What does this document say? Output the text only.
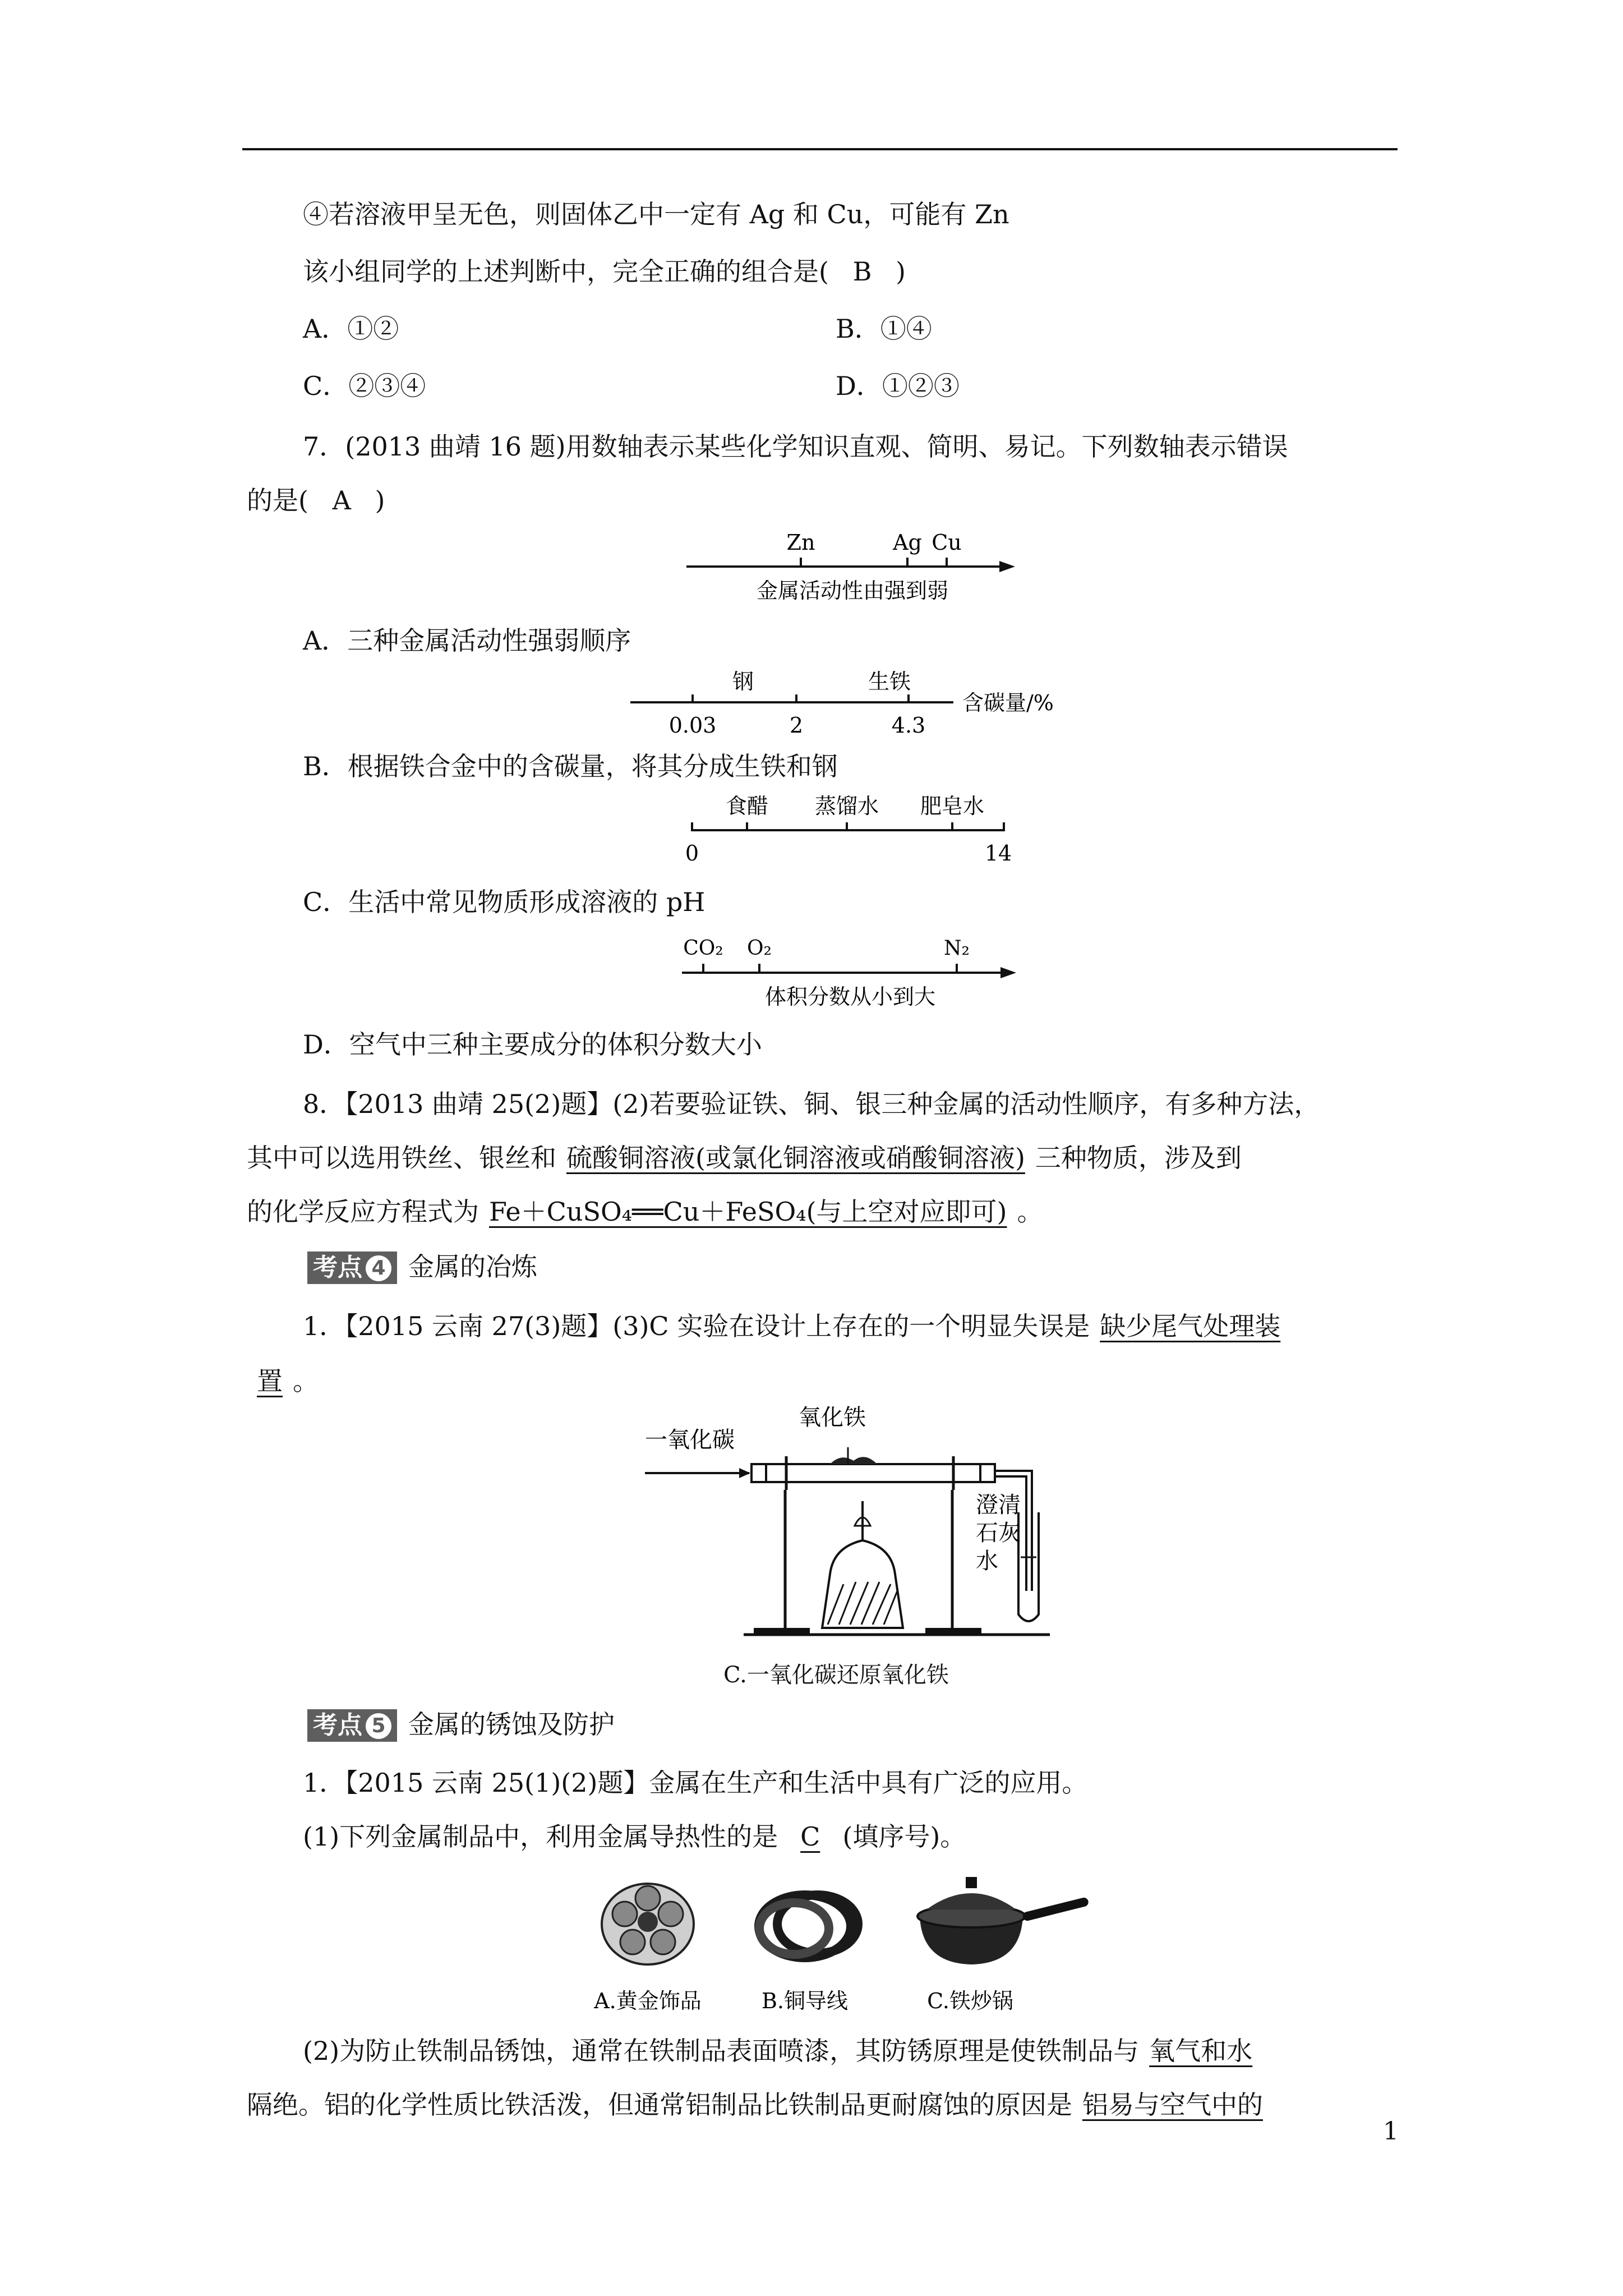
④若溶液甲呈无色，则固体乙中一定有 Ag 和 Cu，可能有 Zn
该小组同学的上述判断中，完全正确的组合是( B )
A．①②	B．①④
C．②③④	D．①②③
7．(2013 曲靖 16 题)用数轴表示某些化学知识直观、简明、易记。下列数轴表示错误
的是( A )
Zn	Ag Cu
金属活动性由强到弱
A．三种金属活动性强弱顺序
钢	生铁
0.03	2	4.3
含碳量/%
B．根据铁合金中的含碳量，将其分成生铁和钢
食醋 蒸馏水 肥皂水
0	14
C．生活中常见物质形成溶液的 pH
CO₂ O₂	N₂
体积分数从小到大
D．空气中三种主要成分的体积分数大小
8．【2013 曲靖 25(2)题】(2)若要验证铁、铜、银三种金属的活动性顺序，有多种方法，
其中可以选用铁丝、银丝和 硫酸铜溶液(或氯化铜溶液或硝酸铜溶液) 三种物质，涉及到
的化学反应方程式为 Fe＋CuSO₄══Cu＋FeSO₄(与上空对应即可) 。
考点 4 金属的冶炼
1．【2015 云南 27(3)题】(3)C 实验在设计上存在的一个明显失误是 缺少尾气处理装
置 。
一氧化碳
氧化铁
澄 清
石 灰
水
C.一氧化碳还原氧化铁
考点 5 金属的锈蚀及防护
1．【2015 云南 25(1)(2)题】金属在生产和生活中具有广泛的应用。
(1)下列金属制品中，利用金属导热性的是 C (填序号)。
A.黄金饰品	B.铜导线	C.铁炒锅
(2)为防止铁制品锈蚀，通常在铁制品表面喷漆，其防锈原理是使铁制品与 氧气和水
隔绝。铝的化学性质比铁活泼，但通常铝制品比铁制品更耐腐蚀的原因是 铝易与空气中的
1
